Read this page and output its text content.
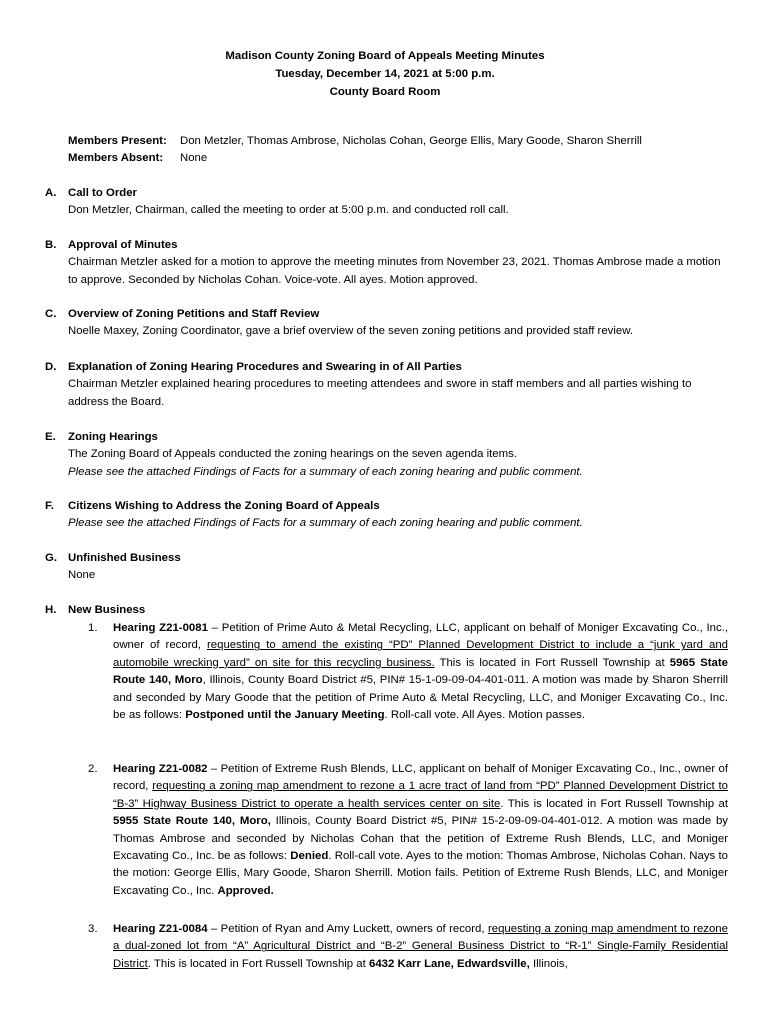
Madison County Zoning Board of Appeals Meeting Minutes
Tuesday, December 14, 2021 at 5:00 p.m.
County Board Room
Members Present: Don Metzler, Thomas Ambrose, Nicholas Cohan, George Ellis, Mary Goode, Sharon Sherrill
Members Absent: None
A. Call to Order
Don Metzler, Chairman, called the meeting to order at 5:00 p.m. and conducted roll call.
B. Approval of Minutes
Chairman Metzler asked for a motion to approve the meeting minutes from November 23, 2021. Thomas Ambrose made a motion to approve. Seconded by Nicholas Cohan. Voice-vote. All ayes. Motion approved.
C. Overview of Zoning Petitions and Staff Review
Noelle Maxey, Zoning Coordinator, gave a brief overview of the seven zoning petitions and provided staff review.
D. Explanation of Zoning Hearing Procedures and Swearing in of All Parties
Chairman Metzler explained hearing procedures to meeting attendees and swore in staff members and all parties wishing to address the Board.
E. Zoning Hearings
The Zoning Board of Appeals conducted the zoning hearings on the seven agenda items.
Please see the attached Findings of Facts for a summary of each zoning hearing and public comment.
F. Citizens Wishing to Address the Zoning Board of Appeals
Please see the attached Findings of Facts for a summary of each zoning hearing and public comment.
G. Unfinished Business
None
H. New Business
1. Hearing Z21-0081 – Petition of Prime Auto & Metal Recycling, LLC, applicant on behalf of Moniger Excavating Co., Inc., owner of record, requesting to amend the existing “PD” Planned Development District to include a “junk yard and automobile wrecking yard” on site for this recycling business. This is located in Fort Russell Township at 5965 State Route 140, Moro, Illinois, County Board District #5, PIN# 15-1-09-09-04-401-011. A motion was made by Sharon Sherrill and seconded by Mary Goode that the petition of Prime Auto & Metal Recycling, LLC, and Moniger Excavating Co., Inc. be as follows: Postponed until the January Meeting. Roll-call vote. All Ayes. Motion passes.
2. Hearing Z21-0082 – Petition of Extreme Rush Blends, LLC, applicant on behalf of Moniger Excavating Co., Inc., owner of record, requesting a zoning map amendment to rezone a 1 acre tract of land from “PD” Planned Development District to “B-3” Highway Business District to operate a health services center on site. This is located in Fort Russell Township at 5955 State Route 140, Moro, Illinois, County Board District #5, PIN# 15-2-09-09-04-401-012. A motion was made by Thomas Ambrose and seconded by Nicholas Cohan that the petition of Extreme Rush Blends, LLC, and Moniger Excavating Co., Inc. be as follows: Denied. Roll-call vote. Ayes to the motion: Thomas Ambrose, Nicholas Cohan. Nays to the motion: George Ellis, Mary Goode, Sharon Sherrill. Motion fails. Petition of Extreme Rush Blends, LLC, and Moniger Excavating Co., Inc. Approved.
3. Hearing Z21-0084 – Petition of Ryan and Amy Luckett, owners of record, requesting a zoning map amendment to rezone a dual-zoned lot from “A” Agricultural District and “B-2” General Business District to “R-1” Single-Family Residential District. This is located in Fort Russell Township at 6432 Karr Lane, Edwardsville, Illinois,
